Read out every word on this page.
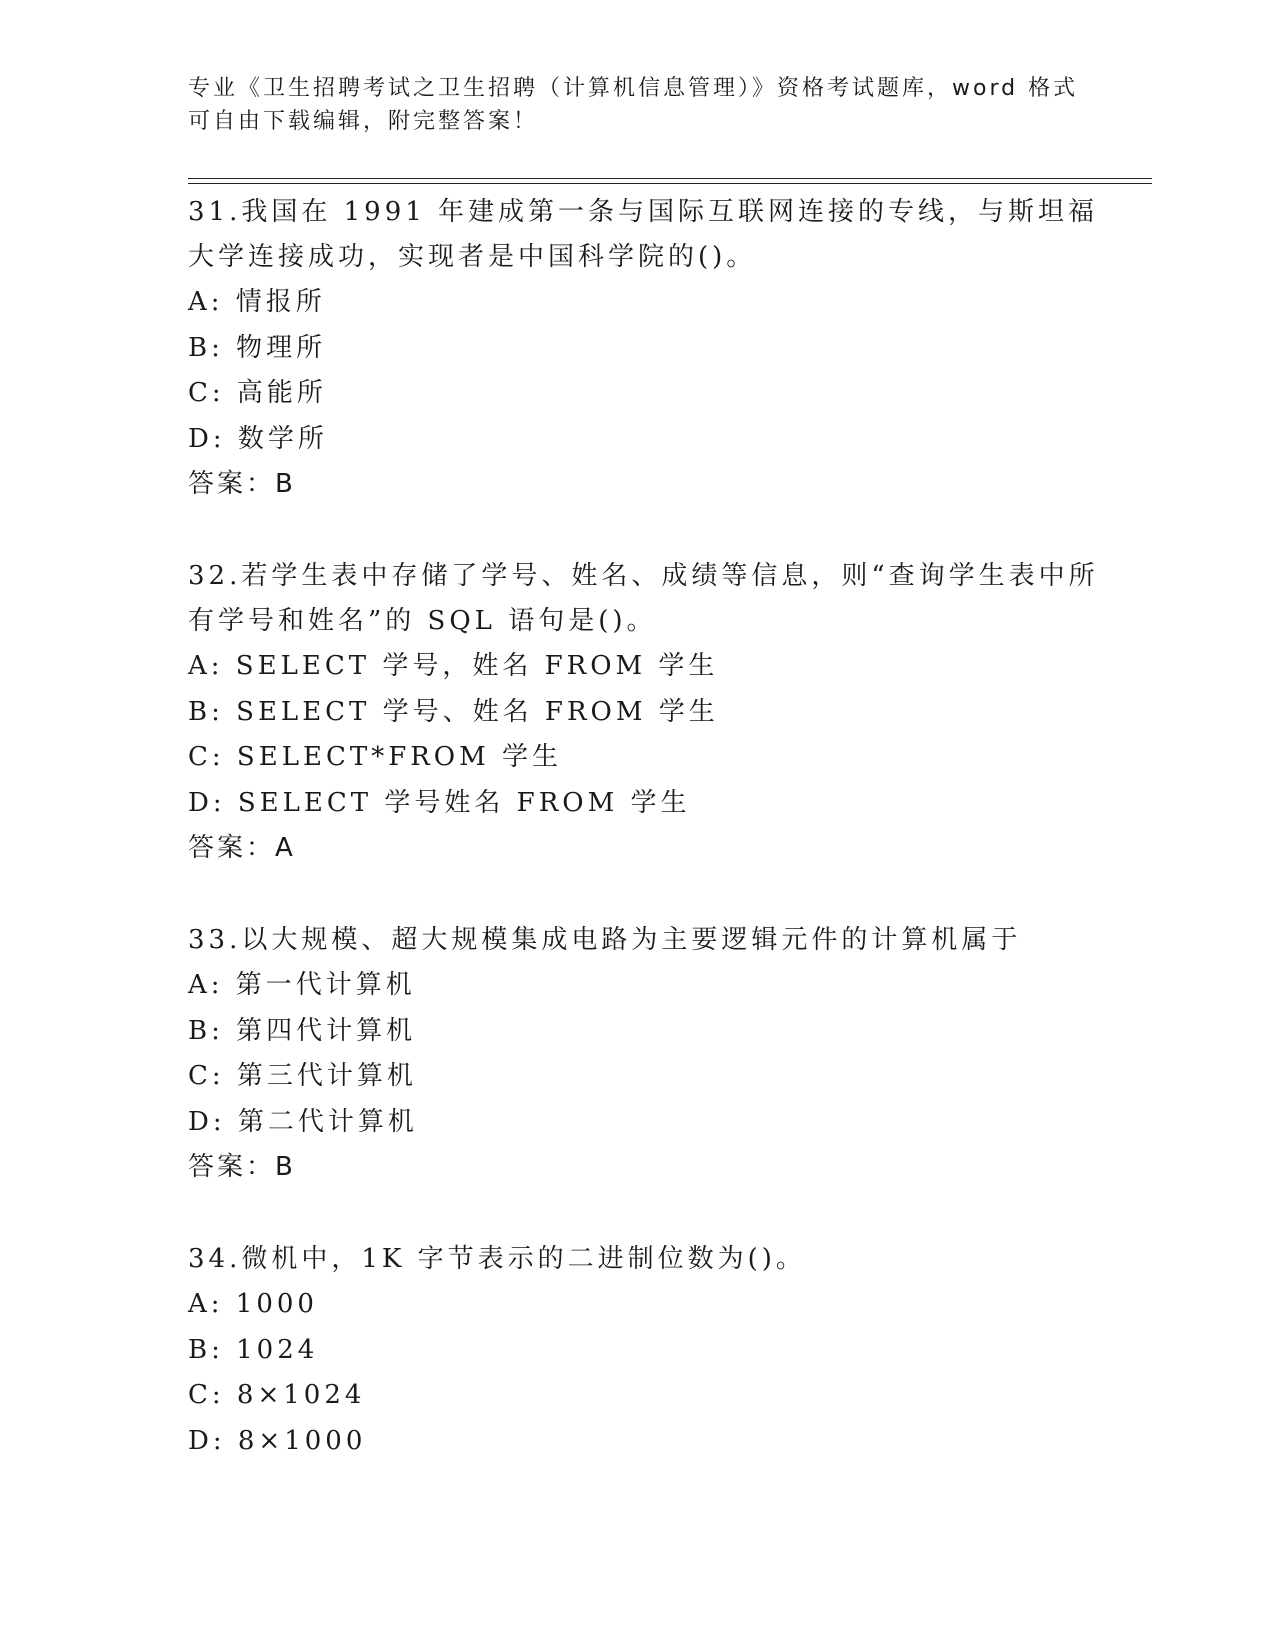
专业《卫生招聘考试之卫生招聘（计算机信息管理）》资格考试题库，word 格式
可自由下载编辑，附完整答案！
31.我国在 1991 年建成第一条与国际互联网连接的专线，与斯坦福大学连接成功，实现者是中国科学院的()。
A: 情报所
B: 物理所
C: 高能所
D: 数学所
答案：B
32.若学生表中存储了学号、姓名、成绩等信息，则“查询学生表中所有学号和姓名”的 SQL 语句是()。
A: SELECT 学号，姓名 FROM 学生
B: SELECT 学号、姓名 FROM 学生
C: SELECT*FROM 学生
D: SELECT 学号姓名 FROM 学生
答案：A
33.以大规模、超大规模集成电路为主要逻辑元件的计算机属于
A: 第一代计算机
B: 第四代计算机
C: 第三代计算机
D: 第二代计算机
答案：B
34.微机中，1K 字节表示的二进制位数为()。
A: 1000
B: 1024
C: 8×1024
D: 8×1000
